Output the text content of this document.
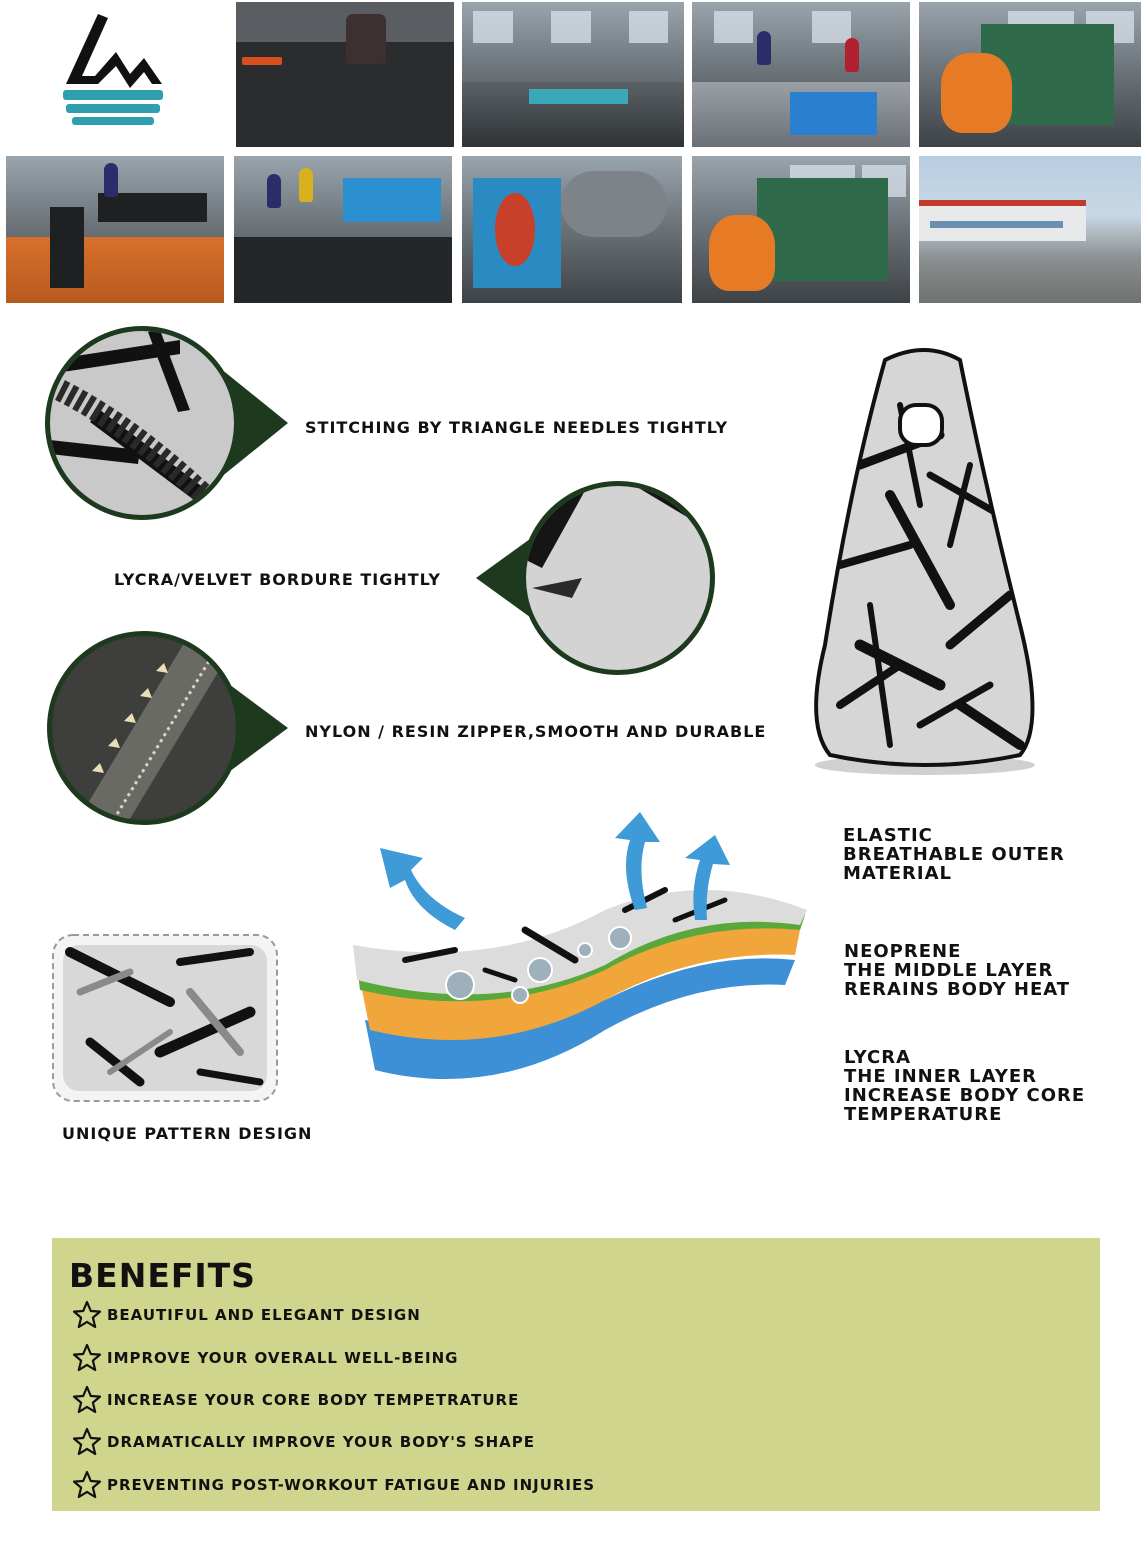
STITCHING BY TRIANGLE NEEDLES TIGHTLY
LYCRA/VELVET BORDURE TIGHTLY
NYLON / RESIN ZIPPER,SMOOTH AND DURABLE
UNIQUE PATTERN DESIGN
ELASTIC
BREATHABLE OUTER
MATERIAL
NEOPRENE
THE MIDDLE LAYER
RERAINS BODY HEAT
LYCRA
THE INNER LAYER
INCREASE BODY CORE
TEMPERATURE
BENEFITS
BEAUTIFUL AND ELEGANT DESIGN
IMPROVE YOUR OVERALL WELL-BEING
INCREASE YOUR CORE BODY TEMPETRATURE
DRAMATICALLY IMPROVE YOUR BODY'S SHAPE
PREVENTING POST-WORKOUT FATIGUE AND INJURIES
